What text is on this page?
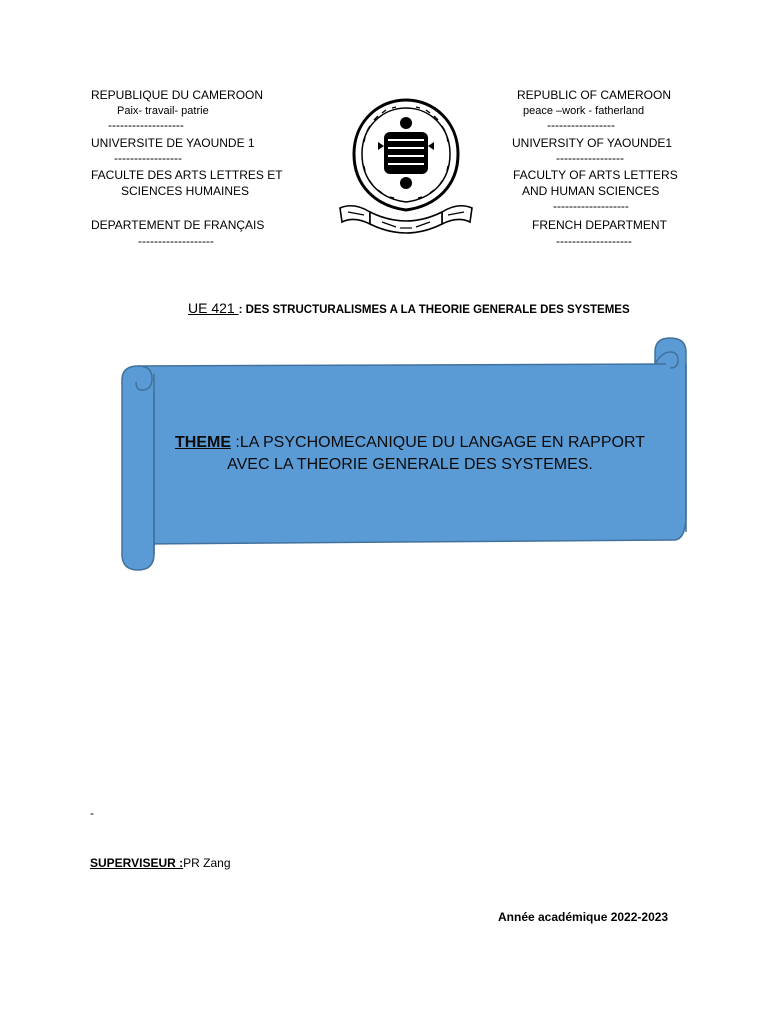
REPUBLIQUE DU CAMEROON
Paix- travail- patrie
-------------------
UNIVERSITE DE YAOUNDE 1
-----------------
FACULTE DES ARTS LETTRES ET
SCIENCES HUMAINES
DEPARTEMENT DE FRANÇAIS
-------------------
REPUBLIC OF CAMEROON
peace –work - fatherland
-----------------
UNIVERSITY OF YAOUNDE1
-----------------
FACULTY OF ARTS LETTERS
AND HUMAN SCIENCES
-------------------
FRENCH DEPARTMENT
-------------------
UE 421 : DES STRUCTURALISMES A LA THEORIE GENERALE DES SYSTEMES
THEME :LA PSYCHOMECANIQUE DU LANGAGE EN RAPPORT AVEC LA THEORIE GENERALE DES SYSTEMES.
-
SUPERVISEUR :PR Zang
Année académique 2022-2023
